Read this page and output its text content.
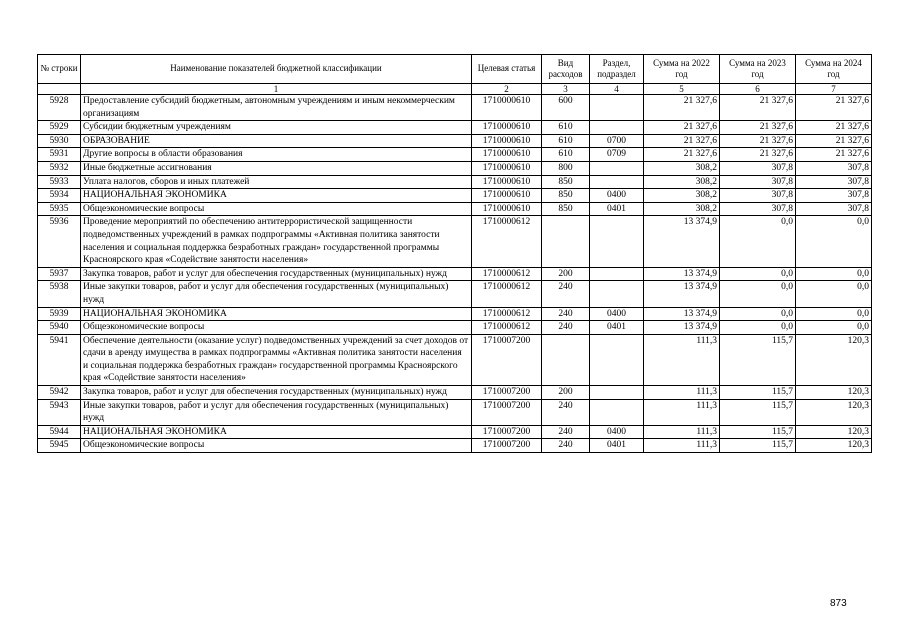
№ строки	Наименование показателей бюджетной классификации	Целевая статья	Вид расходов	Раздел, подраздел	Сумма на 2022 год	Сумма на 2023 год	Сумма на 2024 год
	1	2	3	4	5	6	7
5928	Предоставление субсидий бюджетным, автономным учреждениям и иным некоммерческим организациям	1710000610	600		21 327,6	21 327,6	21 327,6
5929	Субсидии бюджетным учреждениям	1710000610	610		21 327,6	21 327,6	21 327,6
5930	ОБРАЗОВАНИЕ	1710000610	610	0700	21 327,6	21 327,6	21 327,6
5931	Другие вопросы в области образования	1710000610	610	0709	21 327,6	21 327,6	21 327,6
5932	Иные бюджетные ассигнования	1710000610	800		308,2	307,8	307,8
5933	Уплата налогов, сборов и иных платежей	1710000610	850		308,2	307,8	307,8
5934	НАЦИОНАЛЬНАЯ ЭКОНОМИКА	1710000610	850	0400	308,2	307,8	307,8
5935	Общеэкономические вопросы	1710000610	850	0401	308,2	307,8	307,8
5936	Проведение мероприятий по обеспечению антитеррористической защищенности подведомственных учреждений в рамках подпрограммы «Активная политика занятости населения и социальная поддержка безработных граждан» государственной программы Красноярского края «Содействие занятости населения»	1710000612			13 374,9	0,0	0,0
5937	Закупка товаров, работ и услуг для обеспечения государственных (муниципальных) нужд	1710000612	200		13 374,9	0,0	0,0
5938	Иные закупки товаров, работ и услуг для обеспечения государственных (муниципальных) нужд	1710000612	240		13 374,9	0,0	0,0
5939	НАЦИОНАЛЬНАЯ ЭКОНОМИКА	1710000612	240	0400	13 374,9	0,0	0,0
5940	Общеэкономические вопросы	1710000612	240	0401	13 374,9	0,0	0,0
5941	Обеспечение деятельности (оказание услуг) подведомственных учреждений за счет доходов от сдачи в аренду имущества в рамках подпрограммы «Активная политика занятости населения и социальная поддержка безработных граждан» государственной программы Красноярского края «Содействие занятости населения»	1710007200			111,3	115,7	120,3
5942	Закупка товаров, работ и услуг для обеспечения государственных (муниципальных) нужд	1710007200	200		111,3	115,7	120,3
5943	Иные закупки товаров, работ и услуг для обеспечения государственных (муниципальных) нужд	1710007200	240		111,3	115,7	120,3
5944	НАЦИОНАЛЬНАЯ ЭКОНОМИКА	1710007200	240	0400	111,3	115,7	120,3
5945	Общеэкономические вопросы	1710007200	240	0401	111,3	115,7	120,3
873
